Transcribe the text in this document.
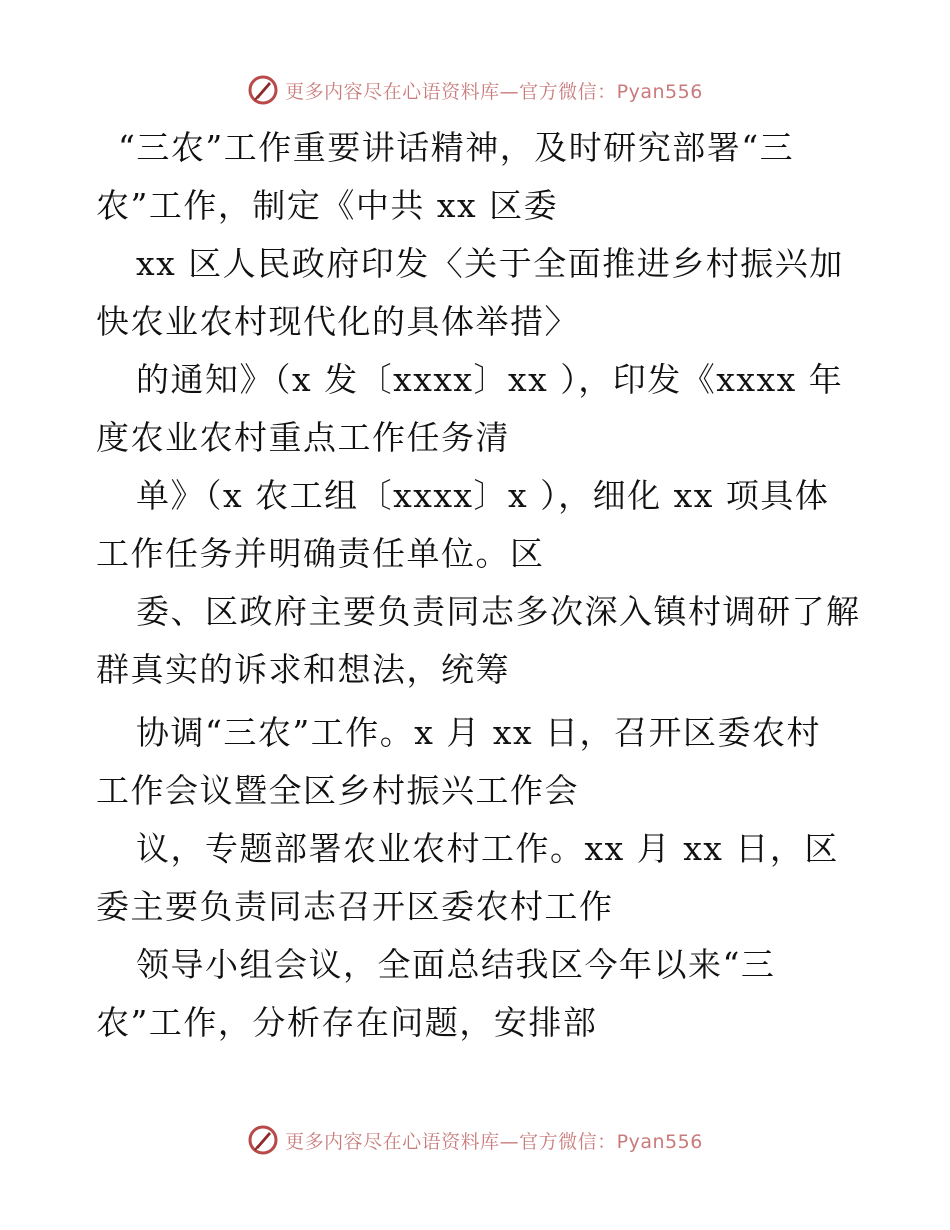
更多内容尽在心语资料库—官方微信：Pyan556
“三农”工作重要讲话精神，及时研究部署“三
农”工作，制定《中共 xx 区委
xx 区人民政府印发〈关于全面推进乡村振兴加
快农业农村现代化的具体举措〉
的通知》（x 发〔xxxx〕xx ），印发《xxxx 年
度农业农村重点工作任务清
单》（x 农工组〔xxxx〕x ），细化 xx 项具体
工作任务并明确责任单位。区
委、区政府主要负责同志多次深入镇村调研了解
群真实的诉求和想法，统筹
协调“三农”工作。x 月 xx 日，召开区委农村
工作会议暨全区乡村振兴工作会
议，专题部署农业农村工作。xx 月 xx 日，区
委主要负责同志召开区委农村工作
领导小组会议，全面总结我区今年以来“三
农”工作，分析存在问题，安排部
更多内容尽在心语资料库—官方微信：Pyan556
